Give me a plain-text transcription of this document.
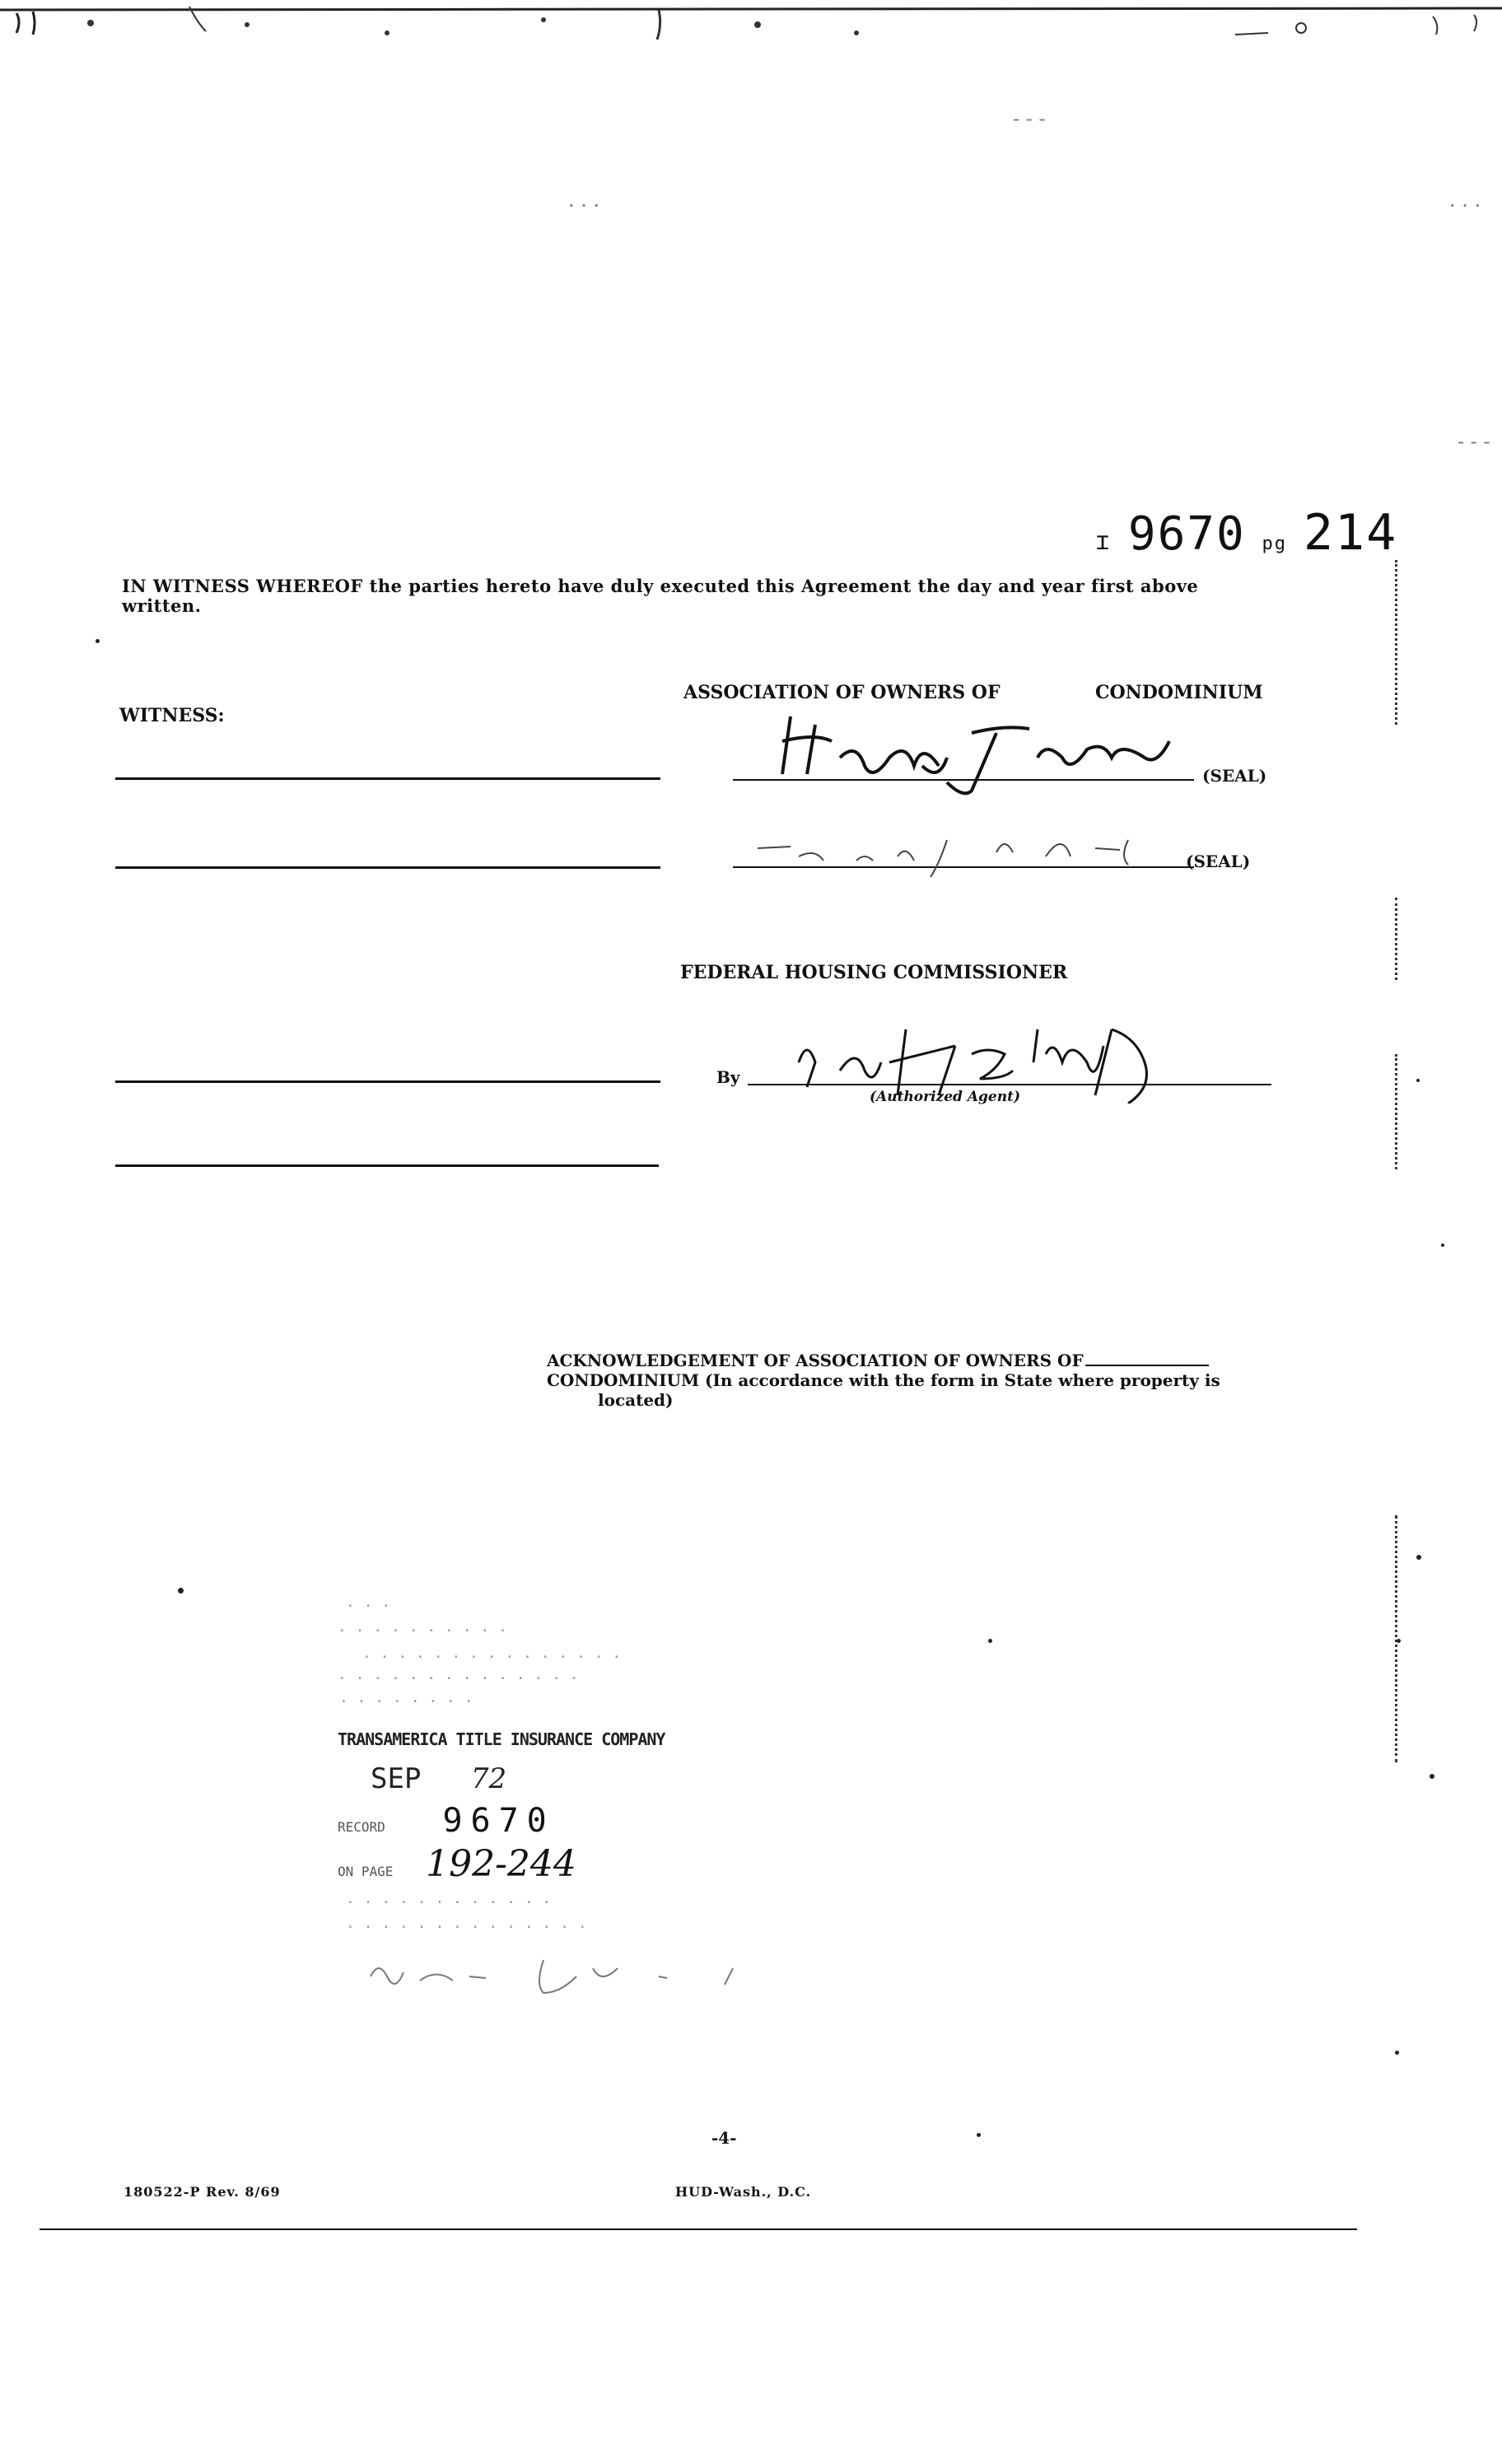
- - -
· · ·	· · ·
- - -
ɪ 9670 pg 214
IN WITNESS WHEREOF the parties hereto have duly executed this Agreement the day and year first above
written.
WITNESS:
ASSOCIATION OF OWNERS OF	CONDOMINIUM
(SEAL)
(SEAL)
FEDERAL HOUSING COMMISSIONER
By
(Authorized Agent)
ACKNOWLEDGEMENT OF ASSOCIATION OF OWNERS OF
CONDOMINIUM (In accordance with the form in State where property is
located)
· · ·
· · · · · · · · · ·
· · · · · · · · · · · · · · ·
· · · · · · · · · · · · · ·
· · · · · · · ·
TRANSAMERICA TITLE INSURANCE COMPANY
SEP 72
RECORD 9670
ON PAGE 192-244
· · · · · · · · · · · ·
· · · · · · · · · · · · · ·
-4-
180522-P Rev. 8/69	HUD-Wash., D.C.
